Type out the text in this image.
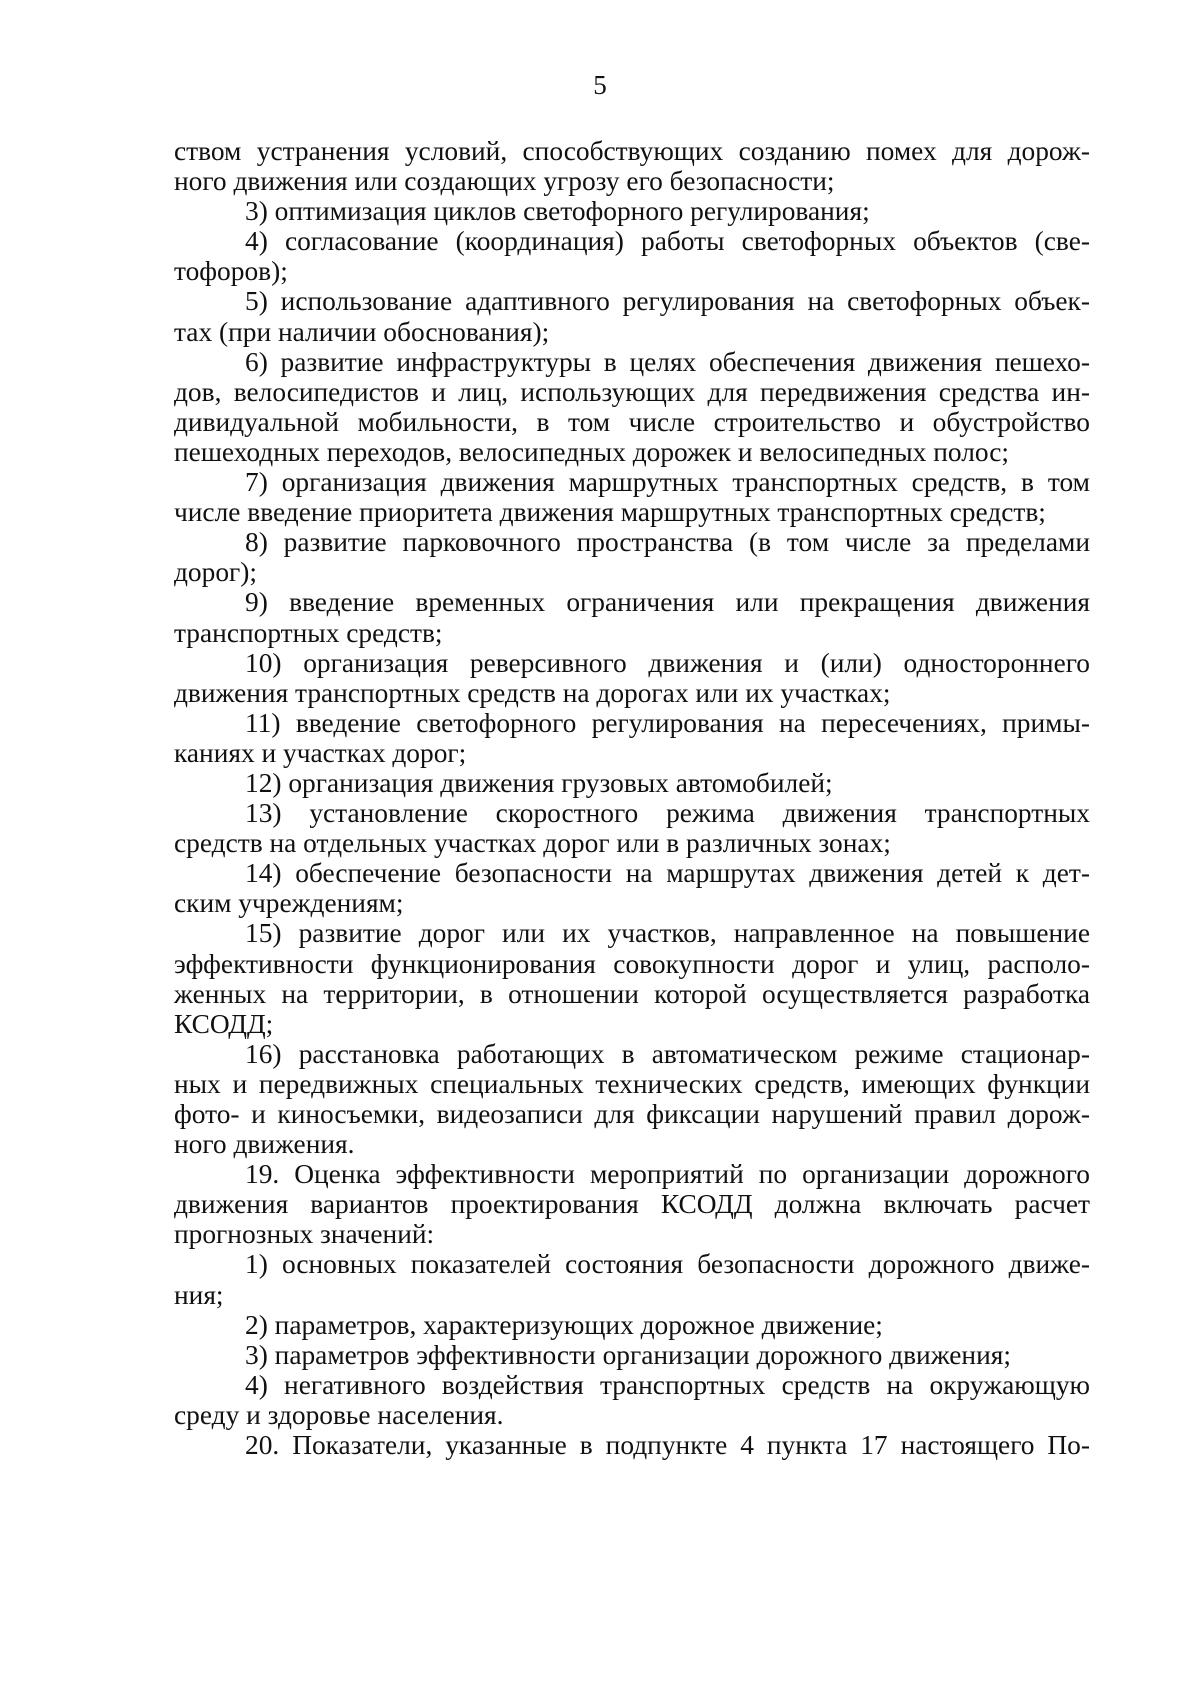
5
ством устранения условий, способствующих созданию помех для дорож-
ного движения или создающих угрозу его безопасности;
3) оптимизация циклов светофорного регулирования;
4) согласование (координация) работы светофорных объектов (све-
тофоров);
5) использование адаптивного регулирования на светофорных объек-
тах (при наличии обоснования);
6) развитие инфраструктуры в целях обеспечения движения пешехо-
дов, велосипедистов и лиц, использующих для передвижения средства ин-
дивидуальной мобильности, в том числе строительство и обустройство
пешеходных переходов, велосипедных дорожек и велосипедных полос;
7) организация движения маршрутных транспортных средств, в том
числе введение приоритета движения маршрутных транспортных средств;
8) развитие парковочного пространства (в том числе за пределами
дорог);
9) введение временных ограничения или прекращения движения
транспортных средств;
10) организация реверсивного движения и (или) одностороннего
движения транспортных средств на дорогах или их участках;
11) введение светофорного регулирования на пересечениях, примы-
каниях и участках дорог;
12) организация движения грузовых автомобилей;
13) установление скоростного режима движения транспортных
средств на отдельных участках дорог или в различных зонах;
14) обеспечение безопасности на маршрутах движения детей к дет-
ским учреждениям;
15) развитие дорог или их участков, направленное на повышение
эффективности функционирования совокупности дорог и улиц, располо-
женных на территории, в отношении которой осуществляется разработка
КСОДД;
16) расстановка работающих в автоматическом режиме стационар-
ных и передвижных специальных технических средств, имеющих функции
фото- и киносъемки, видеозаписи для фиксации нарушений правил дорож-
ного движения.
19. Оценка эффективности мероприятий по организации дорожного
движения вариантов проектирования КСОДД должна включать расчет
прогнозных значений:
1) основных показателей состояния безопасности дорожного движе-
ния;
2) параметров, характеризующих дорожное движение;
3) параметров эффективности организации дорожного движения;
4) негативного воздействия транспортных средств на окружающую
среду и здоровье населения.
20. Показатели, указанные в подпункте 4 пункта 17 настоящего По-
